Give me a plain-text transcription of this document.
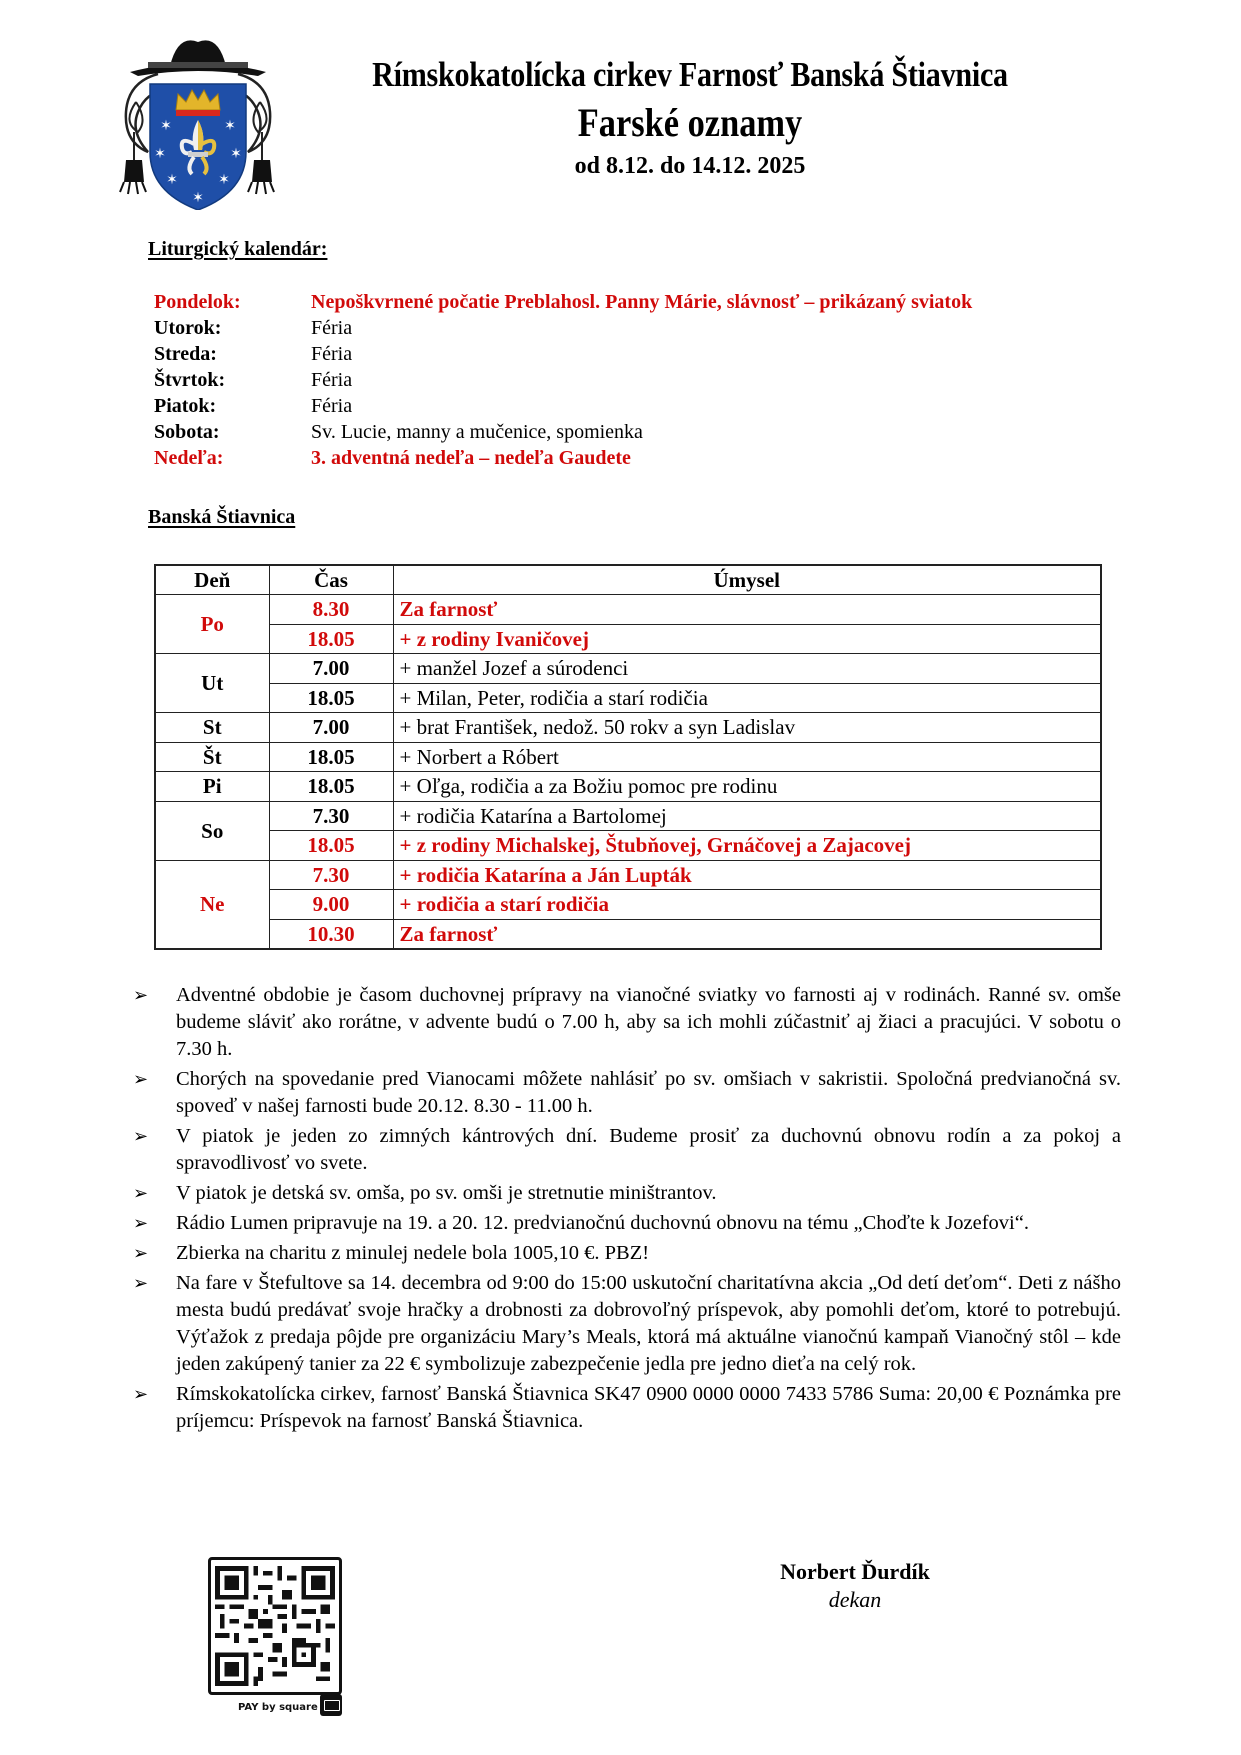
✶	✶
✶	✶
✶	✶
✶
Rímskokatolícka cirkev Farnosť Banská Štiavnica
Farské oznamy
od 8.12. do 14.12. 2025
Liturgický kalendár:
Pondelok:	Nepoškvrnené počatie Preblahosl. Panny Márie, slávnosť – prikázaný sviatok
Utorok:	Féria
Streda:	Féria
Štvrtok:	Féria
Piatok:	Féria
Sobota:	Sv. Lucie, manny a mučenice, spomienka
Nedeľa:	3. adventná nedeľa – nedeľa Gaudete
Banská Štiavnica
Deň	Čas	Úmysel
Po	8.30	Za farnosť
	18.05	+ z rodiny Ivaničovej
Ut	7.00	+ manžel Jozef a súrodenci
	18.05	+ Milan, Peter, rodičia a starí rodičia
St	7.00	+ brat František, nedož. 50 rokv a syn Ladislav
Št	18.05	+ Norbert a Róbert
Pi	18.05	+ Oľga, rodičia a za Božiu pomoc pre rodinu
So	7.30	+ rodičia Katarína a Bartolomej
	18.05	+ z rodiny Michalskej, Štubňovej, Grnáčovej a Zajacovej
Ne	7.30	+ rodičia Katarína a Ján Lupták
	9.00	+ rodičia a starí rodičia
	10.30	Za farnosť
➢	Adventné obdobie je časom duchovnej prípravy na vianočné sviatky vo farnosti aj v rodinách. Ranné sv. omše budeme sláviť ako rorátne, v advente budú o 7.00 h, aby sa ich mohli zúčastniť aj žiaci a pracujúci. V sobotu o 7.30 h.
➢	Chorých na spovedanie pred Vianocami môžete nahlásiť po sv. omšiach v sakristii. Spoločná predvianočná sv. spoveď v našej farnosti bude 20.12. 8.30 - 11.00 h.
➢	V piatok je jeden zo zimných kántrových dní. Budeme prosiť za duchovnú obnovu rodín a za pokoj a spravodlivosť vo svete.
➢	V piatok je detská sv. omša, po sv. omši je stretnutie miništrantov.
➢	Rádio Lumen pripravuje na 19. a 20. 12. predvianočnú duchovnú obnovu na tému „Choďte k Jozefovi“.
➢	Zbierka na charitu z minulej nedele bola 1005,10 €. PBZ!
➢	Na fare v Štefultove sa 14. decembra od 9:00 do 15:00 uskutoční charitatívna akcia „Od detí deťom“. Deti z nášho mesta budú predávať svoje hračky a drobnosti za dobrovoľný príspevok, aby pomohli deťom, ktoré to potrebujú. Výťažok z predaja pôjde pre organizáciu Mary’s Meals, ktorá má aktuálne vianočnú kampaň Vianočný stôl – kde jeden zakúpený tanier za 22 € symbolizuje zabezpečenie jedla pre jedno dieťa na celý rok.
➢	Rímskokatolícka cirkev, farnosť Banská Štiavnica SK47 0900 0000 0000 7433 5786 Suma: 20,00 € Poznámka pre príjemcu: Príspevok na farnosť Banská Štiavnica.
PAY by square
Norbert Ďurdík
dekan
